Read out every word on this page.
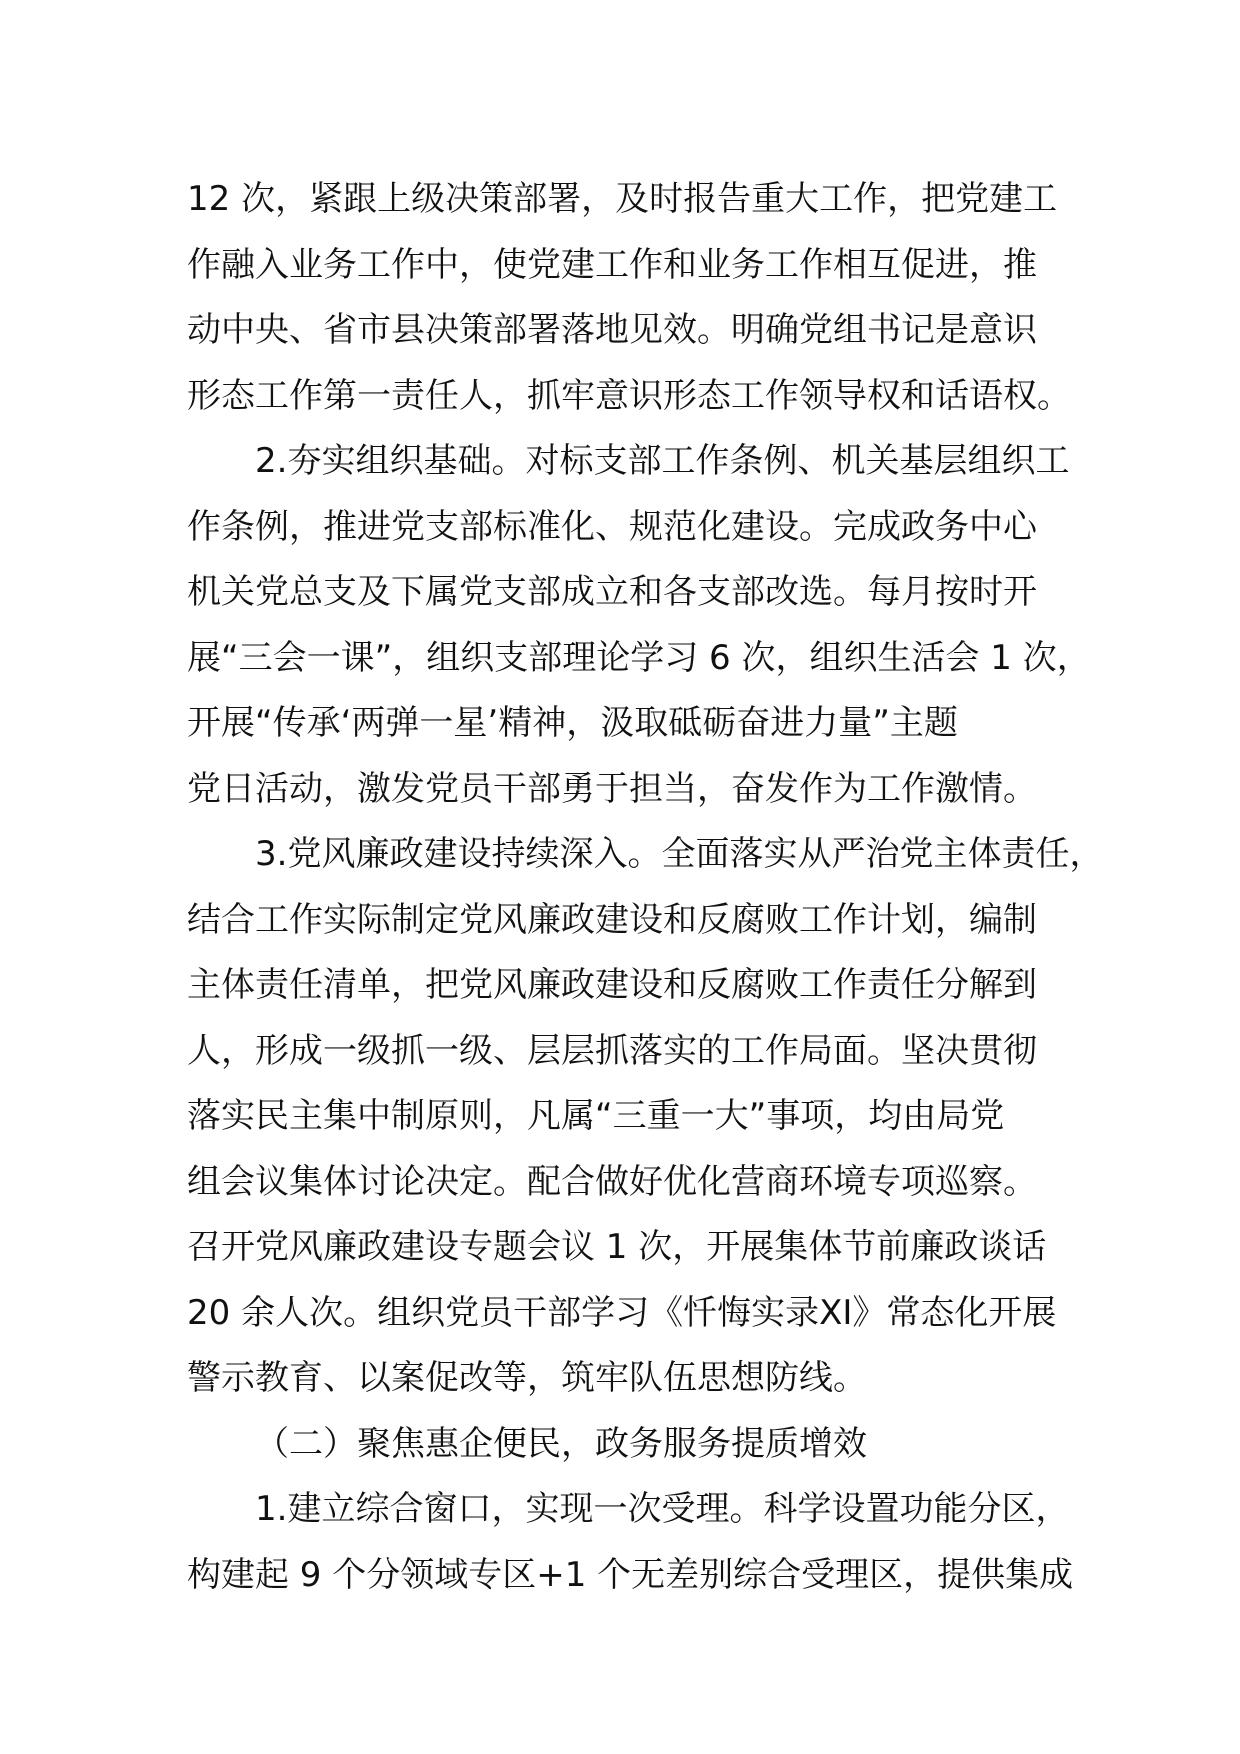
12 次，紧跟上级决策部署，及时报告重大工作，把党建工
作融入业务工作中，使党建工作和业务工作相互促进，推
动中央、省市县决策部署落地见效。明确党组书记是意识
形态工作第一责任人，抓牢意识形态工作领导权和话语权。
2.夯实组织基础。对标支部工作条例、机关基层组织工
作条例，推进党支部标准化、规范化建设。完成政务中心
机关党总支及下属党支部成立和各支部改选。每月按时开
展“三会一课”，组织支部理论学习 6 次，组织生活会 1 次，
开展“传承‘两弹一星’精神，汲取砥砺奋进力量”主题
党日活动，激发党员干部勇于担当，奋发作为工作激情。
3.党风廉政建设持续深入。全面落实从严治党主体责任，
结合工作实际制定党风廉政建设和反腐败工作计划，编制
主体责任清单，把党风廉政建设和反腐败工作责任分解到
人，形成一级抓一级、层层抓落实的工作局面。坚决贯彻
落实民主集中制原则，凡属“三重一大”事项，均由局党
组会议集体讨论决定。配合做好优化营商环境专项巡察。
召开党风廉政建设专题会议 1 次，开展集体节前廉政谈话
20 余人次。组织党员干部学习《忏悔实录XI》常态化开展
警示教育、以案促改等，筑牢队伍思想防线。
（二）聚焦惠企便民，政务服务提质增效
1.建立综合窗口，实现一次受理。科学设置功能分区，
构建起 9 个分领域专区+1 个无差别综合受理区，提供集成
